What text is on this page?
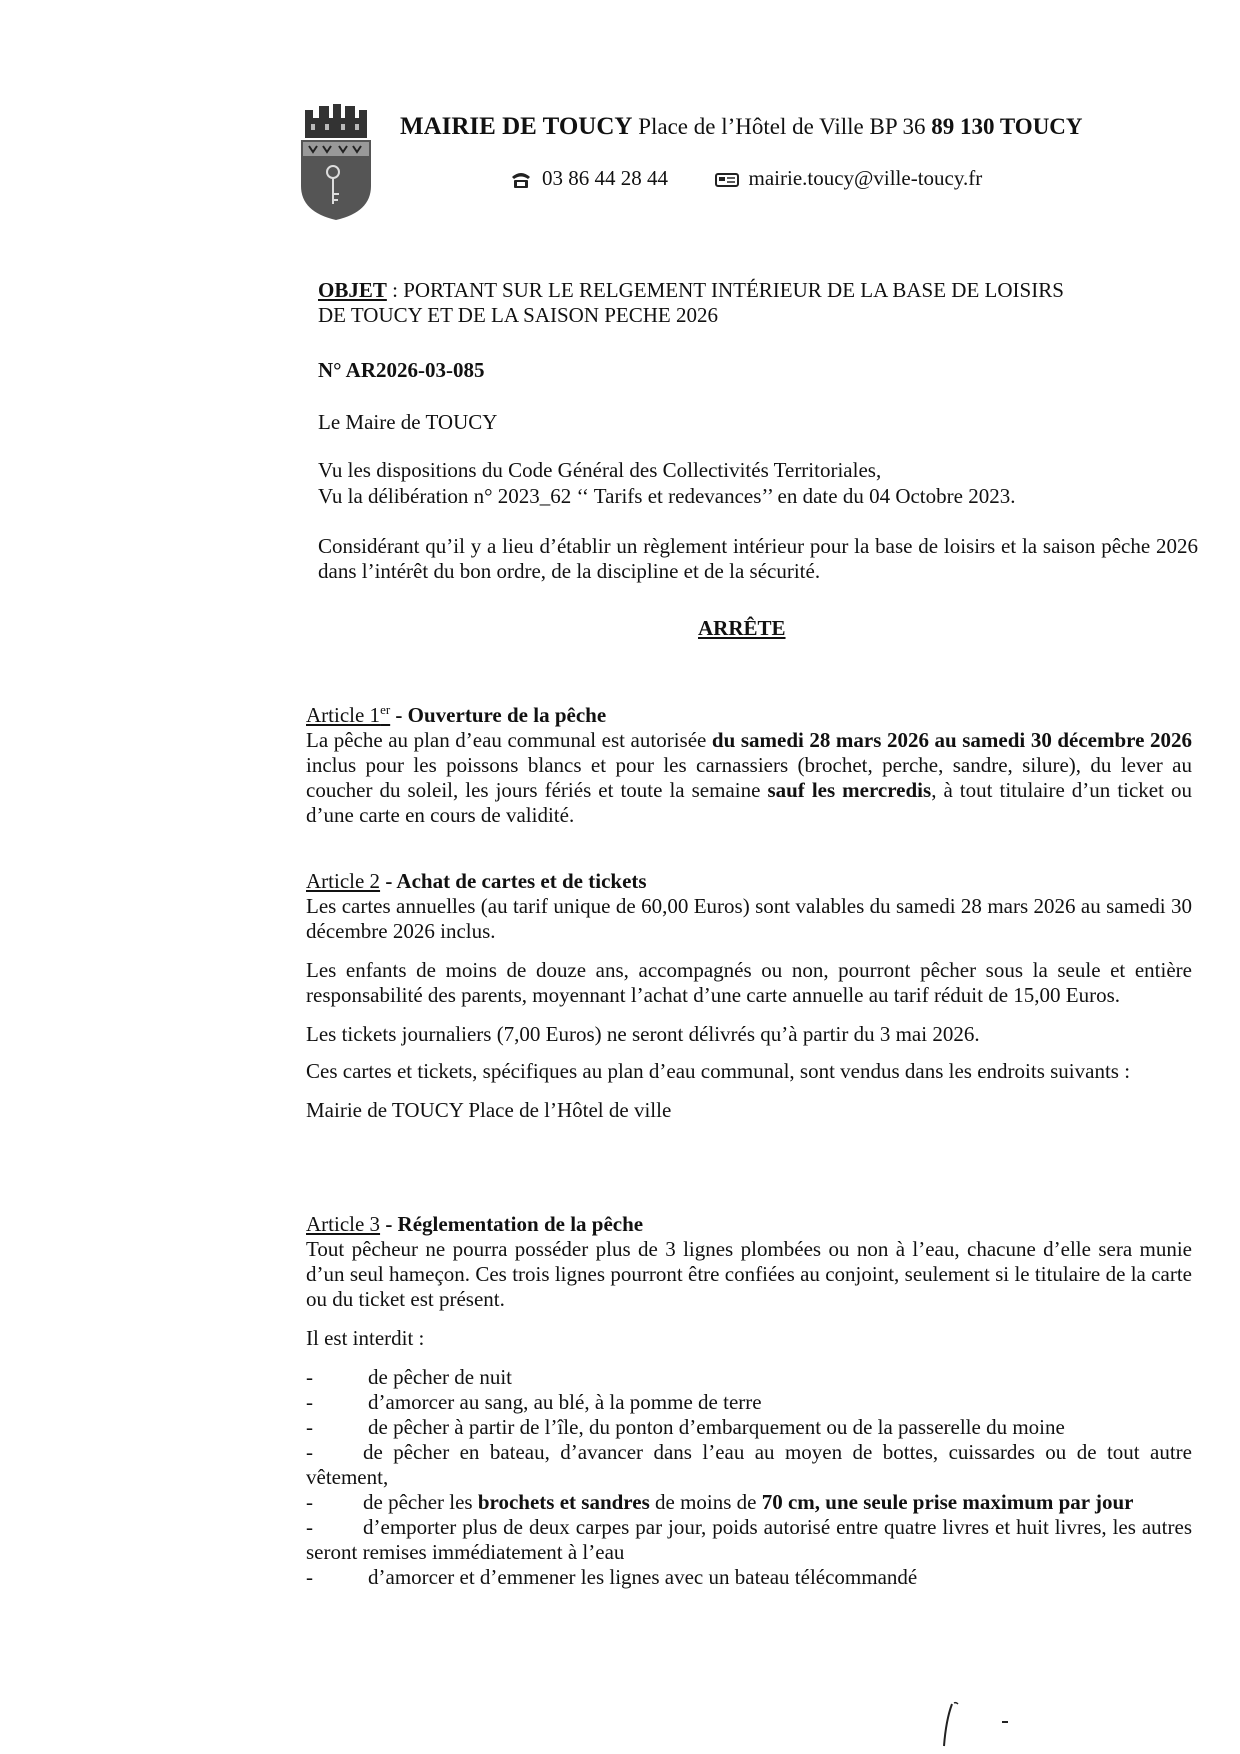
MAIRIE DE TOUCY Place de l’Hôtel de Ville BP 36 89 130 TOUCY
03 86 44 28 44	mairie.toucy@ville-toucy.fr

OBJET : PORTANT SUR LE RELGEMENT INTÉRIEUR DE LA BASE DE LOISIRS

DE TOUCY ET DE LA SAISON PECHE 2026

N° AR2026-03-085

Le Maire de TOUCY

Vu les dispositions du Code Général des Collectivités Territoriales,

Vu la délibération n° 2023_62 ‘‘ Tarifs et redevances’’ en date du 04 Octobre 2023.

Considérant qu’il y a lieu d’établir un règlement intérieur pour la base de loisirs et la saison pêche 2026 dans l’intérêt du bon ordre, de la discipline et de la sécurité.

ARRÊTE

Article 1er - Ouverture de la pêche

La pêche au plan d’eau communal est autorisée du samedi 28 mars 2026 au samedi 30 décembre 2026 inclus pour les poissons blancs et pour les carnassiers (brochet, perche, sandre, silure), du lever au coucher du soleil, les jours fériés et toute la semaine sauf les mercredis, à tout titulaire d’un ticket ou d’une carte en cours de validité.

Article 2 - Achat de cartes et de tickets

Les cartes annuelles (au tarif unique de 60,00 Euros) sont valables du samedi 28 mars 2026 au samedi 30 décembre 2026 inclus.

Les enfants de moins de douze ans, accompagnés ou non, pourront pêcher sous la seule et entière responsabilité des parents, moyennant l’achat d’une carte annuelle au tarif réduit de 15,00 Euros.

Les tickets journaliers (7,00 Euros) ne seront délivrés qu’à partir du 3 mai 2026.

Ces cartes et tickets, spécifiques au plan d’eau communal, sont vendus dans les endroits suivants :

Mairie de TOUCY Place de l’Hôtel de ville

Article 3 - Réglementation de la pêche

Tout pêcheur ne pourra posséder plus de 3 lignes plombées ou non à l’eau, chacune d’elle sera munie d’un seul hameçon. Ces trois lignes pourront être confiées au conjoint, seulement si le titulaire de la carte ou du ticket est présent.

Il est interdit :

-	de pêcher de nuit

-	d’amorcer au sang, au blé, à la pomme de terre

-	de pêcher à partir de l’île, du ponton d’embarquement ou de la passerelle du moine

- de pêcher en bateau, d’avancer dans l’eau au moyen de bottes, cuissardes ou de tout autre vêtement,

- de pêcher les brochets et sandres de moins de 70 cm, une seule prise maximum par jour

- d’emporter plus de deux carpes par jour, poids autorisé entre quatre livres et huit livres, les autres seront remises immédiatement à l’eau

-	d’amorcer et d’emmener les lignes avec un bateau télécommandé
